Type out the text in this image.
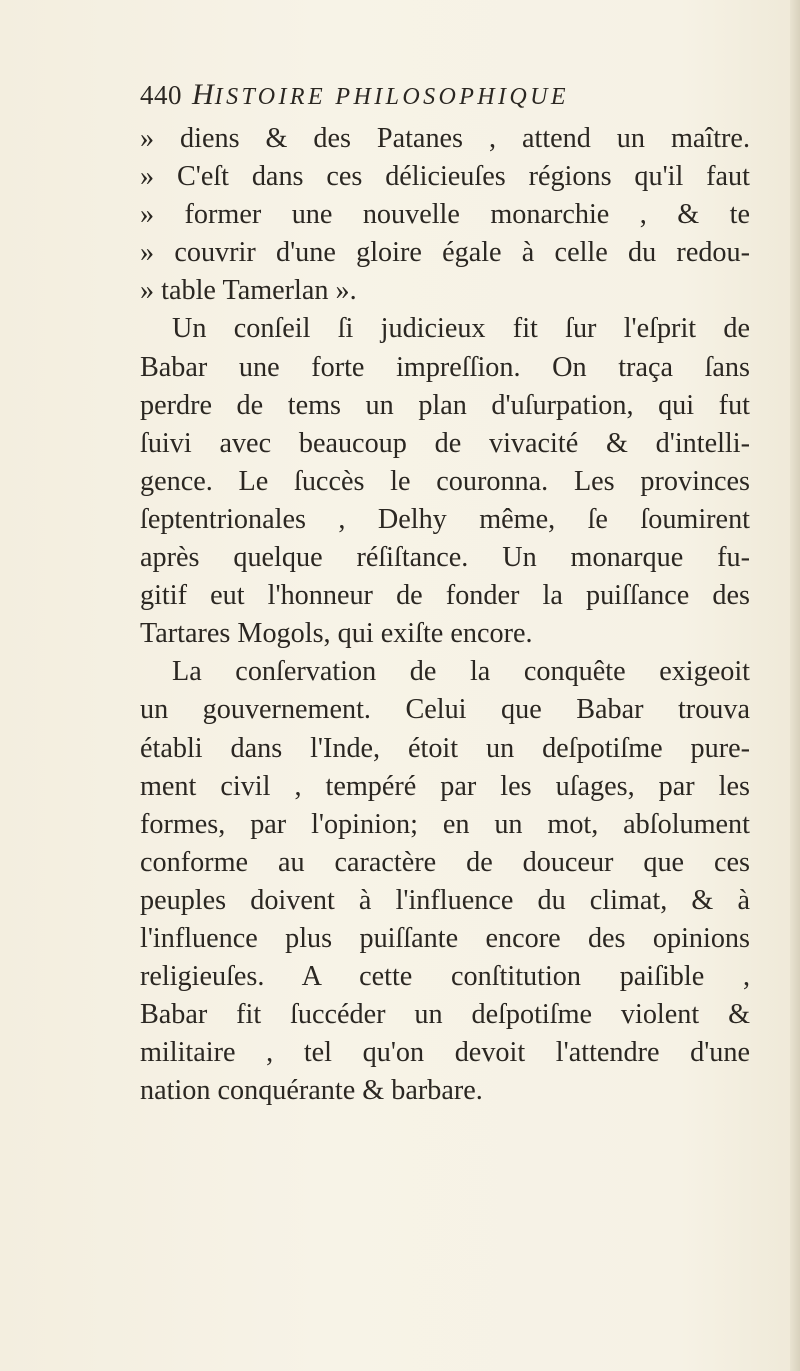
440 HISTOIRE PHILOSOPHIQUE
» diens & des Patanes , attend un maître.
» C'eſt dans ces délicieuſes régions qu'il faut
» former une nouvelle monarchie , & te
» couvrir d'une gloire égale à celle du redou-
» table Tamerlan ».
Un conſeil ſi judicieux fit ſur l'eſprit de
Babar une forte impreſſion. On traça ſans
perdre de tems un plan d'uſurpation, qui fut
ſuivi avec beaucoup de vivacité & d'intelli-
gence. Le ſuccès le couronna. Les provinces
ſeptentrionales , Delhy même, ſe ſoumirent
après quelque réſiſtance. Un monarque fu-
gitif eut l'honneur de fonder la puiſſance des
Tartares Mogols, qui exiſte encore.
La conſervation de la conquête exigeoit
un gouvernement. Celui que Babar trouva
établi dans l'Inde, étoit un deſpotiſme pure-
ment civil , tempéré par les uſages, par les
formes, par l'opinion; en un mot, abſolument
conforme au caractère de douceur que ces
peuples doivent à l'influence du climat, & à
l'influence plus puiſſante encore des opinions
religieuſes. A cette conſtitution paiſible ,
Babar fit ſuccéder un deſpotiſme violent &
militaire , tel qu'on devoit l'attendre d'une
nation conquérante & barbare.
